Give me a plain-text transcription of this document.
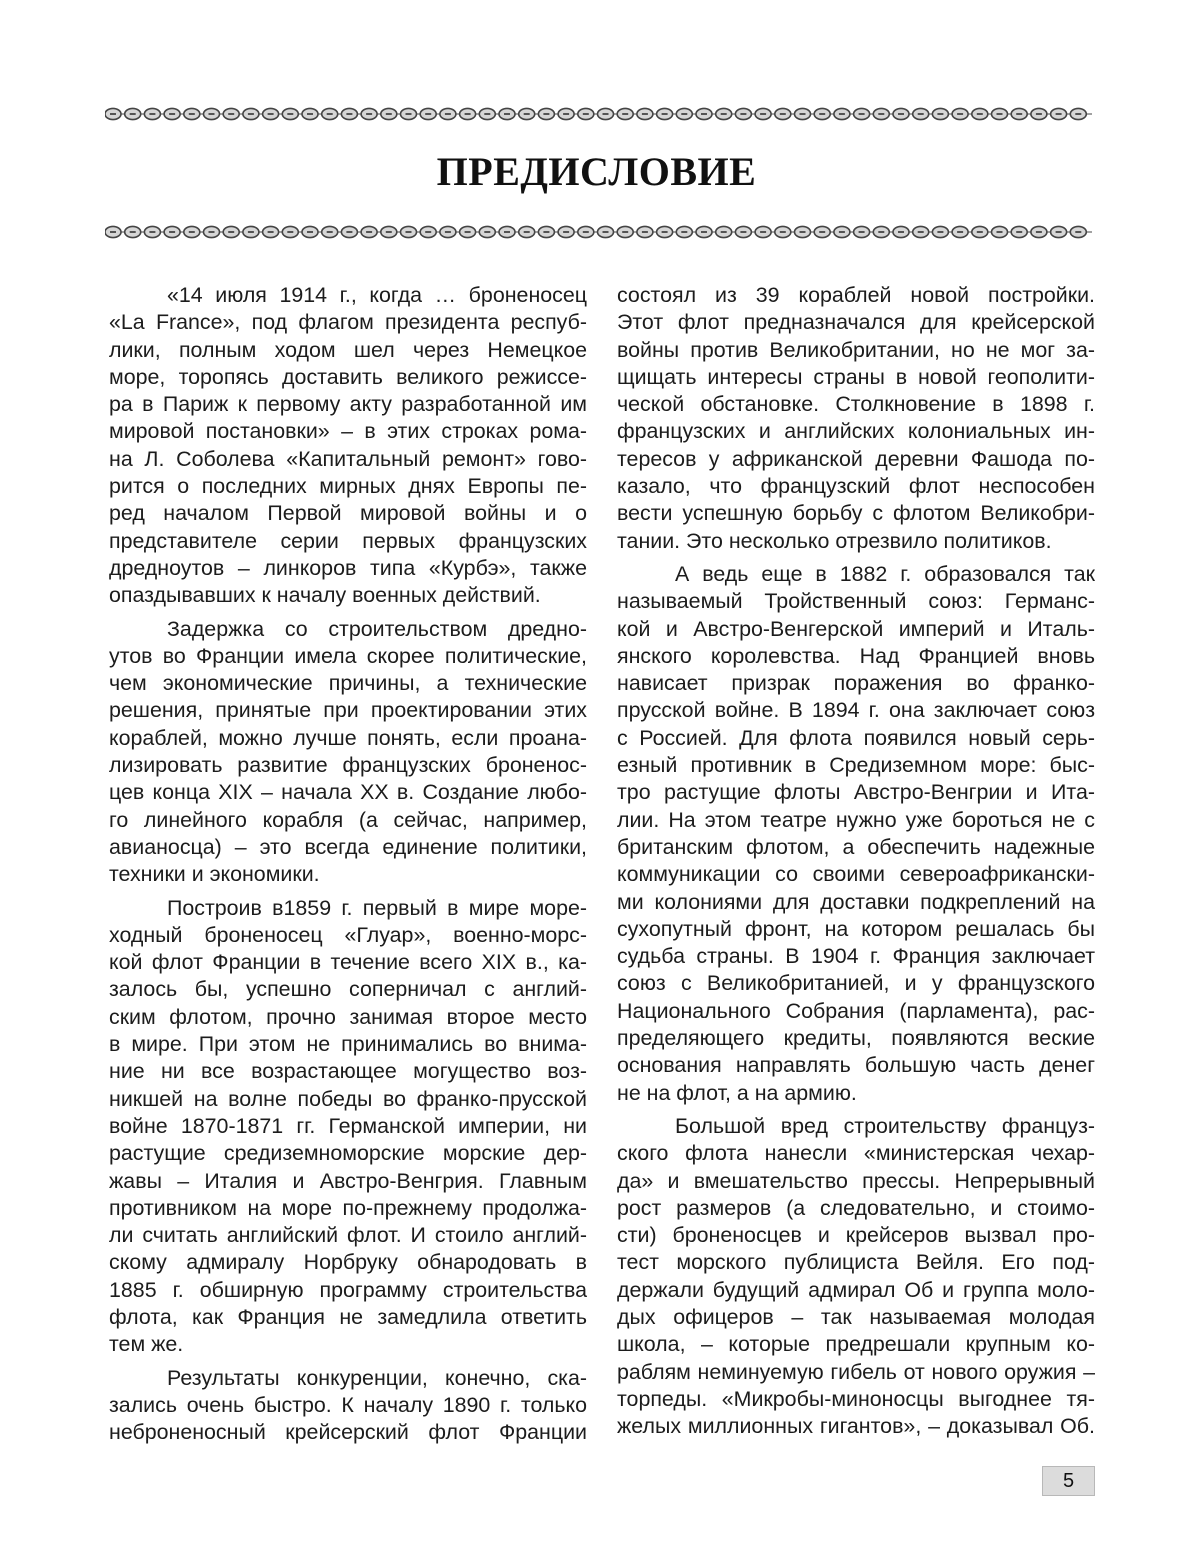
ПРЕДИСЛОВИЕ
«14 июля 1914 г., когда … броненосец
«La France», под флагом президента респуб-
лики, полным ходом шел через Немецкое
море, торопясь доставить великого режиссе-
ра в Париж к первому акту разработанной им
мировой постановки» – в этих строках рома-
на Л. Соболева «Капитальный ремонт» гово-
рится о последних мирных днях Европы пе-
ред началом Первой мировой войны и о
представителе серии первых французских
дредноутов – линкоров типа «Курбэ», также
опаздывавших к началу военных действий.
Задержка со строительством дредно-
утов во Франции имела скорее политические,
чем экономические причины, а технические
решения, принятые при проектировании этих
кораблей, можно лучше понять, если проана-
лизировать развитие французских броненос-
цев конца XIX – начала XX в. Создание любо-
го линейного корабля (а сейчас, например,
авианосца) – это всегда единение политики,
техники и экономики.
Построив в1859 г. первый в мире море-
ходный броненосец «Глуар», военно-морс-
кой флот Франции в течение всего XIX в., ка-
залось бы, успешно соперничал с англий-
ским флотом, прочно занимая второе место
в мире. При этом не принимались во внима-
ние ни все возрастающее могущество воз-
никшей на волне победы во франко-прусской
войне 1870-1871 гг. Германской империи, ни
растущие средиземноморские морские дер-
жавы – Италия и Австро-Венгрия. Главным
противником на море по-прежнему продолжа-
ли считать английский флот. И стоило англий-
скому адмиралу Норбруку обнародовать в
1885 г. обширную программу строительства
флота, как Франция не замедлила ответить
тем же.
Результаты конкуренции, конечно, ска-
зались очень быстро. К началу 1890 г. только
неброненосный крейсерский флот Франции
состоял из 39 кораблей новой постройки.
Этот флот предназначался для крейсерской
войны против Великобритании, но не мог за-
щищать интересы страны в новой геополити-
ческой обстановке. Столкновение в 1898 г.
французских и английских колониальных ин-
тересов у африканской деревни Фашода по-
казало, что французский флот неспособен
вести успешную борьбу с флотом Великобри-
тании. Это несколько отрезвило политиков.
А ведь еще в 1882 г. образовался так
называемый Тройственный союз: Германс-
кой и Австро-Венгерской империй и Италь-
янского королевства. Над Францией вновь
нависает призрак поражения во франко-
прусской войне. В 1894 г. она заключает союз
с Россией. Для флота появился новый серь-
езный противник в Средиземном море: быс-
тро растущие флоты Австро-Венгрии и Ита-
лии. На этом театре нужно уже бороться не с
британским флотом, а обеспечить надежные
коммуникации со своими североафрикански-
ми колониями для доставки подкреплений на
сухопутный фронт, на котором решалась бы
судьба страны. В 1904 г. Франция заключает
союз с Великобританией, и у французского
Национального Собрания (парламента), рас-
пределяющего кредиты, появляются веские
основания направлять большую часть денег
не на флот, а на армию.
Большой вред строительству француз-
ского флота нанесли «министерская чехар-
да» и вмешательство прессы. Непрерывный
рост размеров (а следовательно, и стоимо-
сти) броненосцев и крейсеров вызвал про-
тест морского публициста Вейля. Его под-
держали будущий адмирал Об и группа моло-
дых офицеров – так называемая молодая
школа, – которые предрешали крупным ко-
раблям неминуемую гибель от нового оружия –
торпеды. «Микробы-миноносцы выгоднее тя-
желых миллионных гигантов», – доказывал Об.
5
